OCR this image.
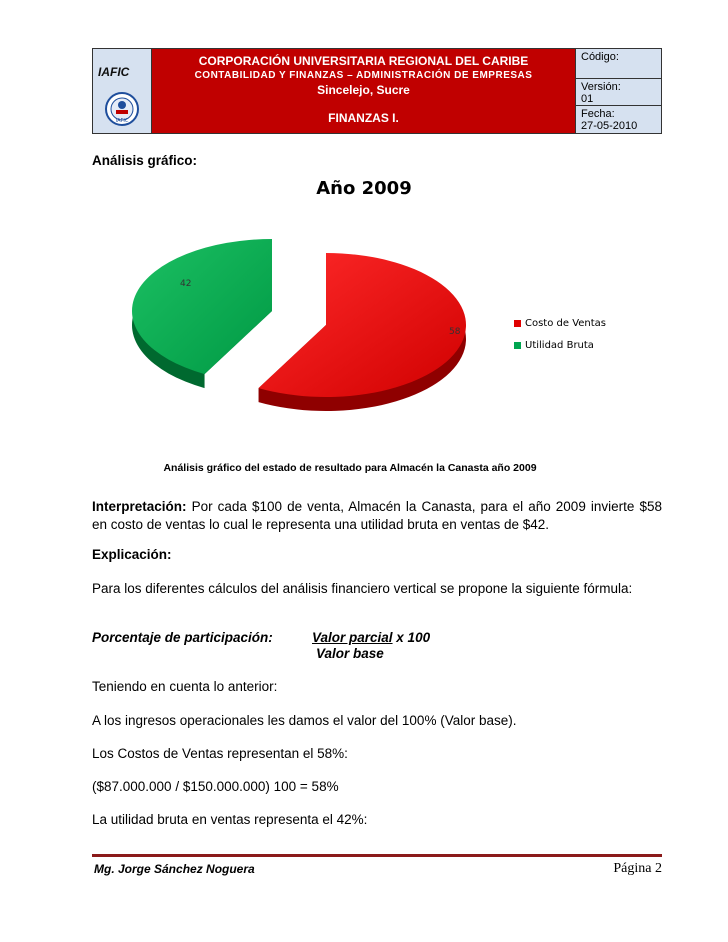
IAFIC
IAFIC
CORPORACIÓN UNIVERSITARIA REGIONAL DEL CARIBE
CONTABILIDAD Y FINANZAS – ADMINISTRACIÓN DE EMPRESAS
Sincelejo, Sucre
FINANZAS I.
Código:
Versión:
01
Fecha:
27-05-2010
Análisis gráfico:
Año 2009
58
42
Costo de Ventas
Utilidad Bruta
Análisis gráfico del estado de resultado para Almacén la Canasta año 2009
Interpretación: Por cada $100 de venta, Almacén la Canasta, para el año 2009 invierte $58 en costo de ventas lo cual le representa una utilidad bruta en ventas de $42.
Explicación:
Para los diferentes cálculos del análisis financiero vertical se propone la siguiente fórmula:
Porcentaje de participación:	Valor parcial x 100
Valor base
Teniendo en cuenta lo anterior:
A los ingresos operacionales les damos el valor del 100% (Valor base).
Los Costos de Ventas representan el 58%:
($87.000.000 / $150.000.000) 100 = 58%
La utilidad bruta en ventas representa el 42%:
Mg. Jorge Sánchez Noguera	Página 2
